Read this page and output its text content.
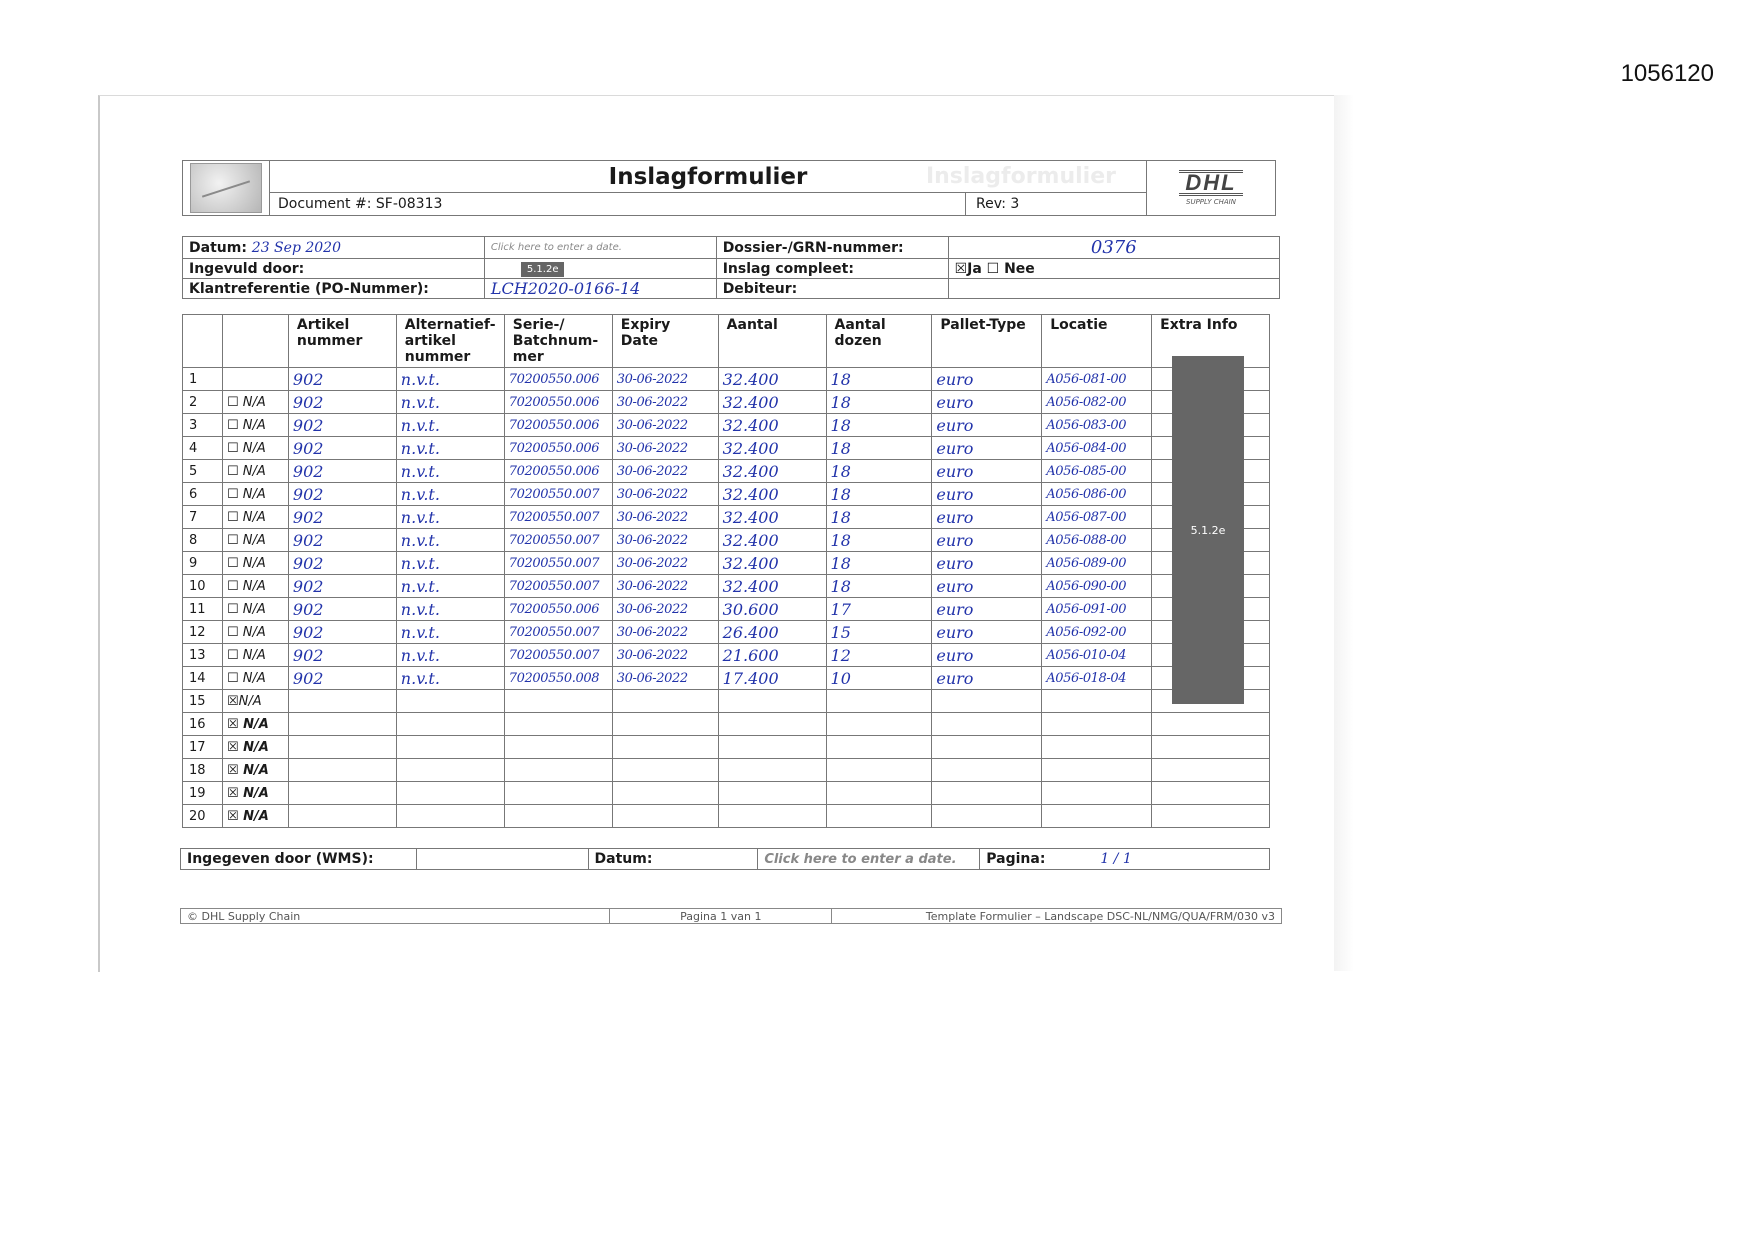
1056120
Inslagformulier	Inslagformulier
Document #: SF-08313	Rev: 3
DHL
SUPPLY CHAIN
Datum: 23 Sep 2020	Click here to enter a date.	Dossier-/GRN-nummer:	0376
Ingevuld door:	5.1.2e	Inslag compleet:	☒Ja ☐ Nee
Klantreferentie (PO-Nummer):	LCH2020-0166-14	Debiteur:	
		Artikel nummer	Alternatief-artikel nummer	Serie-/ Batchnum-mer	Expiry Date	Aantal	Aantal dozen	Pallet-Type	Locatie	Extra Info
1		902	n.v.t.	70200550.006	30-06-2022	32.400	18	euro	A056-081-00	
2	☐ N/A	902	n.v.t.	70200550.006	30-06-2022	32.400	18	euro	A056-082-00	
3	☐ N/A	902	n.v.t.	70200550.006	30-06-2022	32.400	18	euro	A056-083-00	
4	☐ N/A	902	n.v.t.	70200550.006	30-06-2022	32.400	18	euro	A056-084-00	
5	☐ N/A	902	n.v.t.	70200550.006	30-06-2022	32.400	18	euro	A056-085-00	
6	☐ N/A	902	n.v.t.	70200550.007	30-06-2022	32.400	18	euro	A056-086-00	
7	☐ N/A	902	n.v.t.	70200550.007	30-06-2022	32.400	18	euro	A056-087-00	
8	☐ N/A	902	n.v.t.	70200550.007	30-06-2022	32.400	18	euro	A056-088-00	
9	☐ N/A	902	n.v.t.	70200550.007	30-06-2022	32.400	18	euro	A056-089-00	
10	☐ N/A	902	n.v.t.	70200550.007	30-06-2022	32.400	18	euro	A056-090-00	
11	☐ N/A	902	n.v.t.	70200550.006	30-06-2022	30.600	17	euro	A056-091-00	
12	☐ N/A	902	n.v.t.	70200550.007	30-06-2022	26.400	15	euro	A056-092-00	
13	☐ N/A	902	n.v.t.	70200550.007	30-06-2022	21.600	12	euro	A056-010-04	
14	☐ N/A	902	n.v.t.	70200550.008	30-06-2022	17.400	10	euro	A056-018-04	
15	☒N/A									
16	☒ N/A									
17	☒ N/A									
18	☒ N/A									
19	☒ N/A									
20	☒ N/A									
5.1.2e
Ingegeven door (WMS):		Datum:	Click here to enter a date.	Pagina:	1 / 1
© DHL Supply Chain	Pagina 1 van 1	Template Formulier – Landscape DSC-NL/NMG/QUA/FRM/030 v3
